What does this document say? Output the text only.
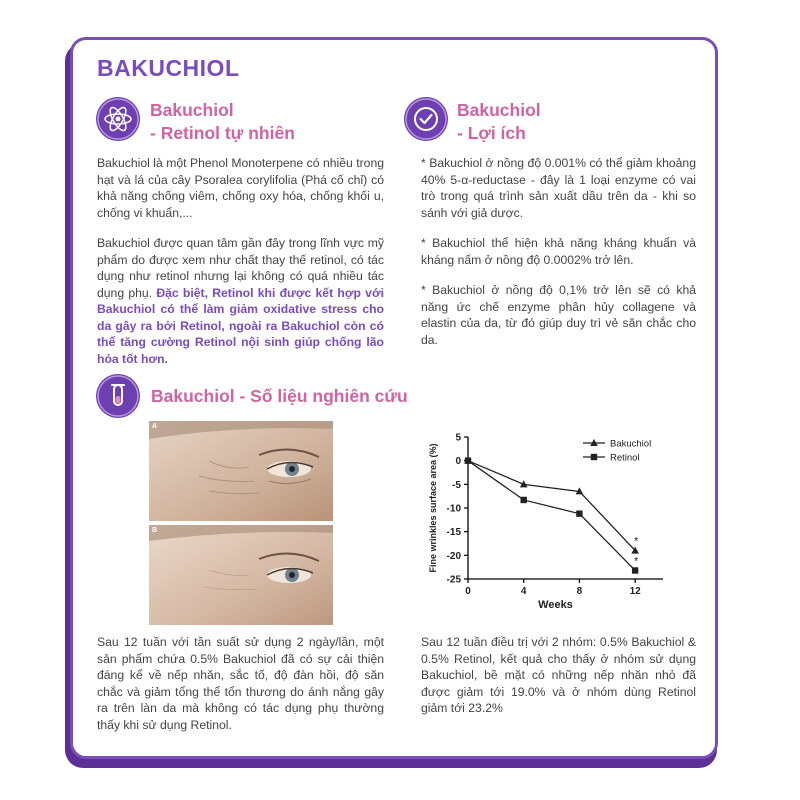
BAKUCHIOL
Bakuchiol
- Retinol tự nhiên

Bakuchiol là một Phenol Monoterpene có nhiều trong hạt và lá của cây Psoralea corylifolia (Phá cố chỉ) có khả năng chống viêm, chống oxy hóa, chống khối u, chống vi khuẩn,...

Bakuchiol được quan tâm gần đây trong lĩnh vực mỹ phẩm do được xem như chất thay thế retinol, có tác dụng như retinol nhưng lại không có quá nhiều tác dụng phụ. Đặc biệt, Retinol khi được kết hợp với Bakuchiol có thể làm giảm oxidative stress cho da gây ra bởi Retinol, ngoài ra Bakuchiol còn có thể tăng cường Retinol nội sinh giúp chống lão hóa tốt hơn.

Bakuchiol
- Lợi ích

* Bakuchiol ở nồng độ 0.001% có thể giảm khoảng 40% 5-α-reductase - đây là 1 loại enzyme có vai trò trong quá trình sản xuất dầu trên da - khi so sánh với giả dược.

* Bakuchiol thể hiện khả năng kháng khuẩn và kháng nấm ở nồng độ 0.0002% trở lên.

* Bakuchiol ở nồng độ 0,1% trở lên sẽ có khả năng ức chế enzyme phân hủy collagene và elastin của da, từ đó giúp duy trì vẻ săn chắc cho da.

Bakuchiol - Số liệu nghiên cứu
A
B
5
0
-5
-10
-15
-20
-25
0	4	8	12
Weeks
Fine wrinkles surface area (%)	*
*
Bakuchiol
Retinol
Sau 12 tuần với tần suất sử dụng 2 ngày/lần, một sản phẩm chứa 0.5% Bakuchiol đã có sự cải thiện đáng kể về nếp nhăn, sắc tố, độ đàn hồi, độ săn chắc và giảm tổng thể tổn thương do ánh nắng gây ra trên làn da mà không có tác dụng phụ thường thấy khi sử dụng Retinol.
Sau 12 tuần điều trị với 2 nhóm: 0.5% Bakuchiol & 0.5% Retinol, kết quả cho thấy ở nhóm sử dụng Bakuchiol, bề mặt có những nếp nhăn nhỏ đã được giảm tới 19.0% và ở nhóm dùng Retinol giảm tới 23.2%
